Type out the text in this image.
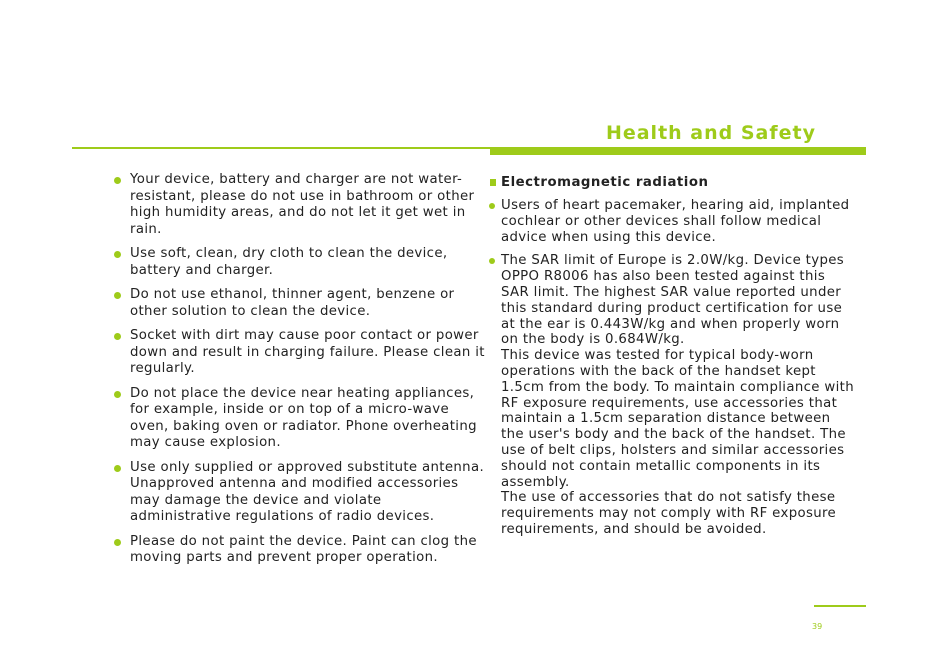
Health and Safety
Your device, battery and charger are not water-resistant, please do not use in bathroom or other high humidity areas, and do not let it get wet in rain.
Use soft, clean, dry cloth to clean the device, battery and charger.
Do not use ethanol, thinner agent, benzene or other solution to clean the device.
Socket with dirt may cause poor contact or power down and result in charging failure. Please clean it regularly.
Do not place the device near heating appliances, for example, inside or on top of a micro-wave oven, baking oven or radiator. Phone overheating may cause explosion.
Use only supplied or approved substitute antenna. Unapproved antenna and modified accessories may damage the device and violate administrative regulations of radio devices.
Please do not paint the device. Paint can clog the moving parts and prevent proper operation.
Electromagnetic radiation
Users of heart pacemaker, hearing aid, implanted cochlear or other devices shall follow medical advice when using this device.
The SAR limit of Europe is 2.0W/kg. Device types OPPO R8006 has also been tested against this SAR limit. The highest SAR value reported under this standard during product certification for use at the ear is 0.443W/kg and when properly worn on the body is 0.684W/kg.
This device was tested for typical body-worn operations with the back of the handset kept 1.5cm from the body. To maintain compliance with RF exposure requirements, use accessories that maintain a 1.5cm separation distance between the user's body and the back of the handset. The use of belt clips, holsters and similar accessories should not contain metallic components in its assembly.
The use of accessories that do not satisfy these requirements may not comply with RF exposure requirements, and should be avoided.
39
